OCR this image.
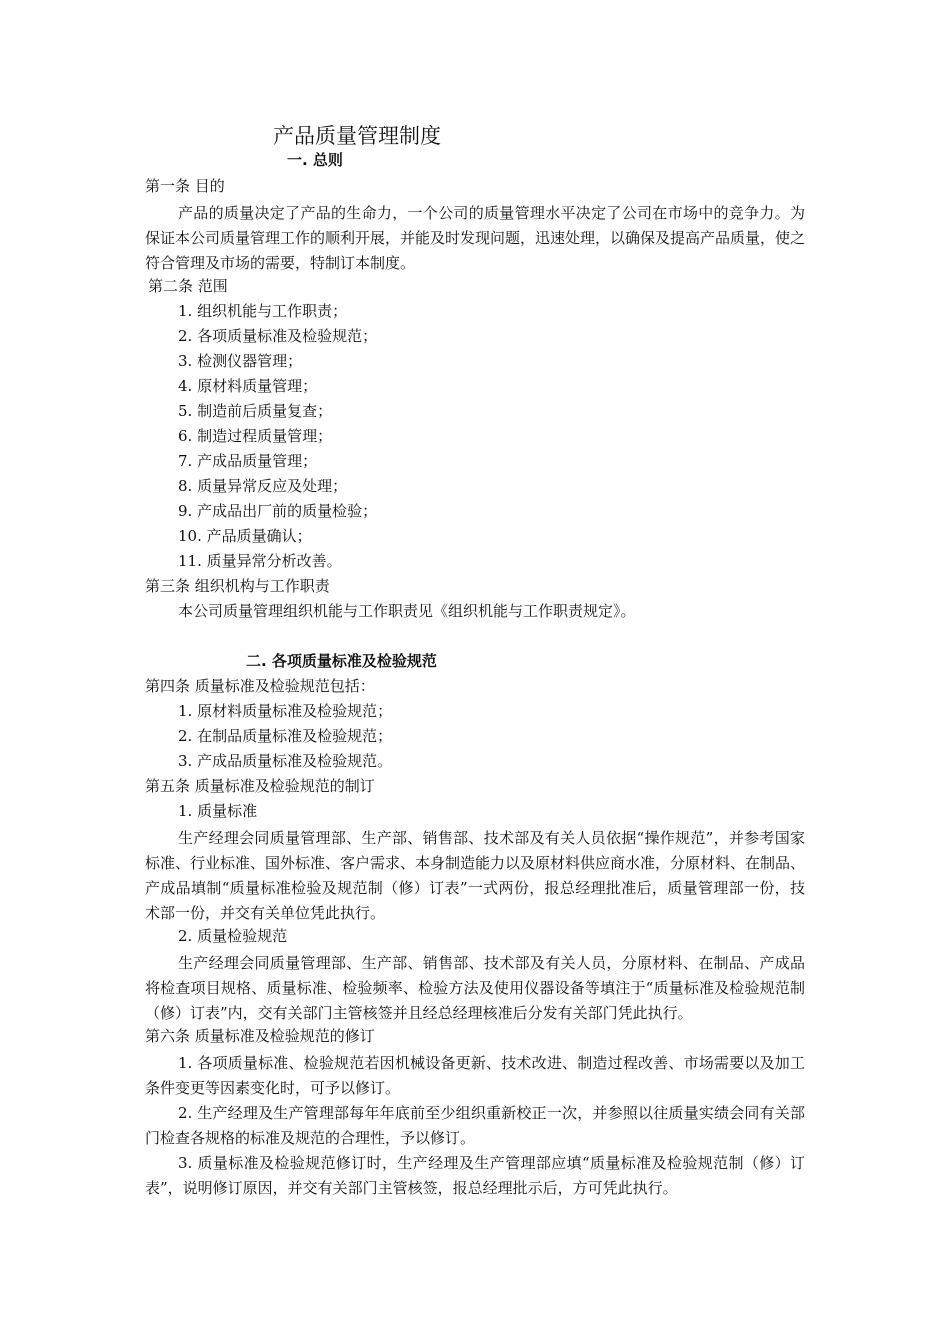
产品质量管理制度
一. 总则
第一条 目的
产品的质量决定了产品的生命力，一个公司的质量管理水平决定了公司在市场中的竞争力。为保证本公司质量管理工作的顺利开展，并能及时发现问题，迅速处理，以确保及提高产品质量，使之符合管理及市场的需要，特制订本制度。
第二条 范围
1. 组织机能与工作职责；
2. 各项质量标准及检验规范；
3. 检测仪器管理；
4. 原材料质量管理；
5. 制造前后质量复查；
6. 制造过程质量管理；
7. 产成品质量管理；
8. 质量异常反应及处理；
9. 产成品出厂前的质量检验；
10. 产品质量确认；
11. 质量异常分析改善。
第三条 组织机构与工作职责
本公司质量管理组织机能与工作职责见《组织机能与工作职责规定》。
二. 各项质量标准及检验规范
第四条 质量标准及检验规范包括：
1. 原材料质量标准及检验规范；
2. 在制品质量标准及检验规范；
3. 产成品质量标准及检验规范。
第五条 质量标准及检验规范的制订
1. 质量标准
生产经理会同质量管理部、生产部、销售部、技术部及有关人员依据“操作规范”，并参考国家标准、行业标准、国外标准、客户需求、本身制造能力以及原材料供应商水准，分原材料、在制品、产成品填制“质量标准检验及规范制（修）订表”一式两份，报总经理批准后，质量管理部一份，技术部一份，并交有关单位凭此执行。
2. 质量检验规范
生产经理会同质量管理部、生产部、销售部、技术部及有关人员，分原材料、在制品、产成品将检查项目规格、质量标准、检验频率、检验方法及使用仪器设备等填注于“质量标准及检验规范制（修）订表”内，交有关部门主管核签并且经总经理核准后分发有关部门凭此执行。
第六条 质量标准及检验规范的修订
1. 各项质量标准、检验规范若因机械设备更新、技术改进、制造过程改善、市场需要以及加工条件变更等因素变化时，可予以修订。
2. 生产经理及生产管理部每年年底前至少组织重新校正一次，并参照以往质量实绩会同有关部门检查各规格的标准及规范的合理性，予以修订。
3. 质量标准及检验规范修订时，生产经理及生产管理部应填“质量标准及检验规范制（修）订表”，说明修订原因，并交有关部门主管核签，报总经理批示后，方可凭此执行。
